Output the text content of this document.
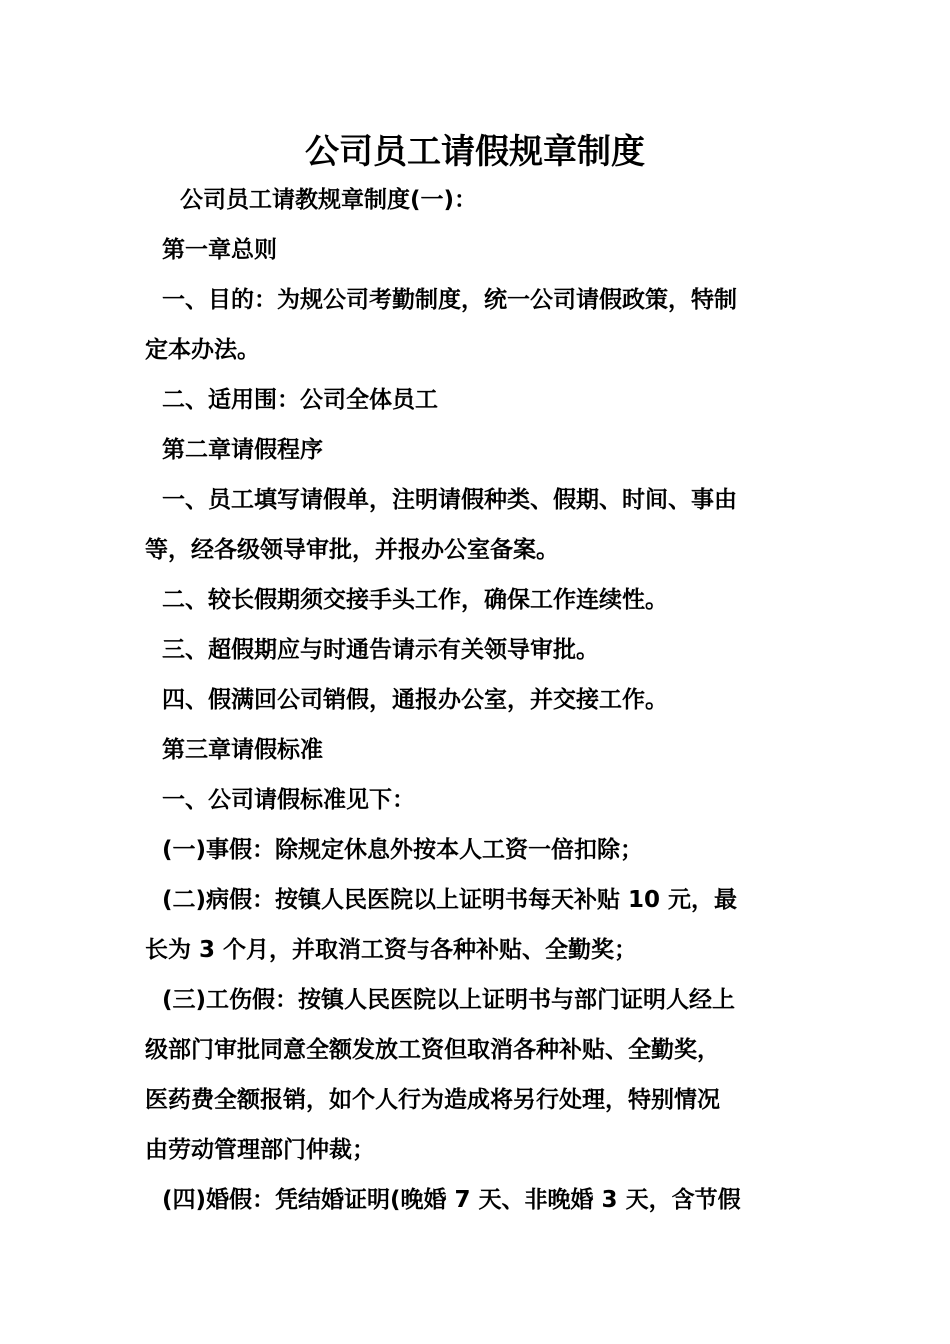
公司员工请假规章制度

公司员工请教规章制度(一)：

第一章总则

一、目的：为规公司考勤制度，统一公司请假政策，特制

定本办法。

二、适用围：公司全体员工

第二章请假程序

一、员工填写请假单，注明请假种类、假期、时间、事由

等，经各级领导审批，并报办公室备案。

二、较长假期须交接手头工作，确保工作连续性。

三、超假期应与时通告请示有关领导审批。

四、假满回公司销假，通报办公室，并交接工作。

第三章请假标准

一、公司请假标准见下：

(一)事假：除规定休息外按本人工资一倍扣除；

(二)病假：按镇人民医院以上证明书每天补贴 10 元，最

长为 3 个月，并取消工资与各种补贴、全勤奖；

(三)工伤假：按镇人民医院以上证明书与部门证明人经上

级部门审批同意全额发放工资但取消各种补贴、全勤奖，

医药费全额报销，如个人行为造成将另行处理，特别情况

由劳动管理部门仲裁；

(四)婚假：凭结婚证明(晚婚 7 天、非晚婚 3 天，含节假
